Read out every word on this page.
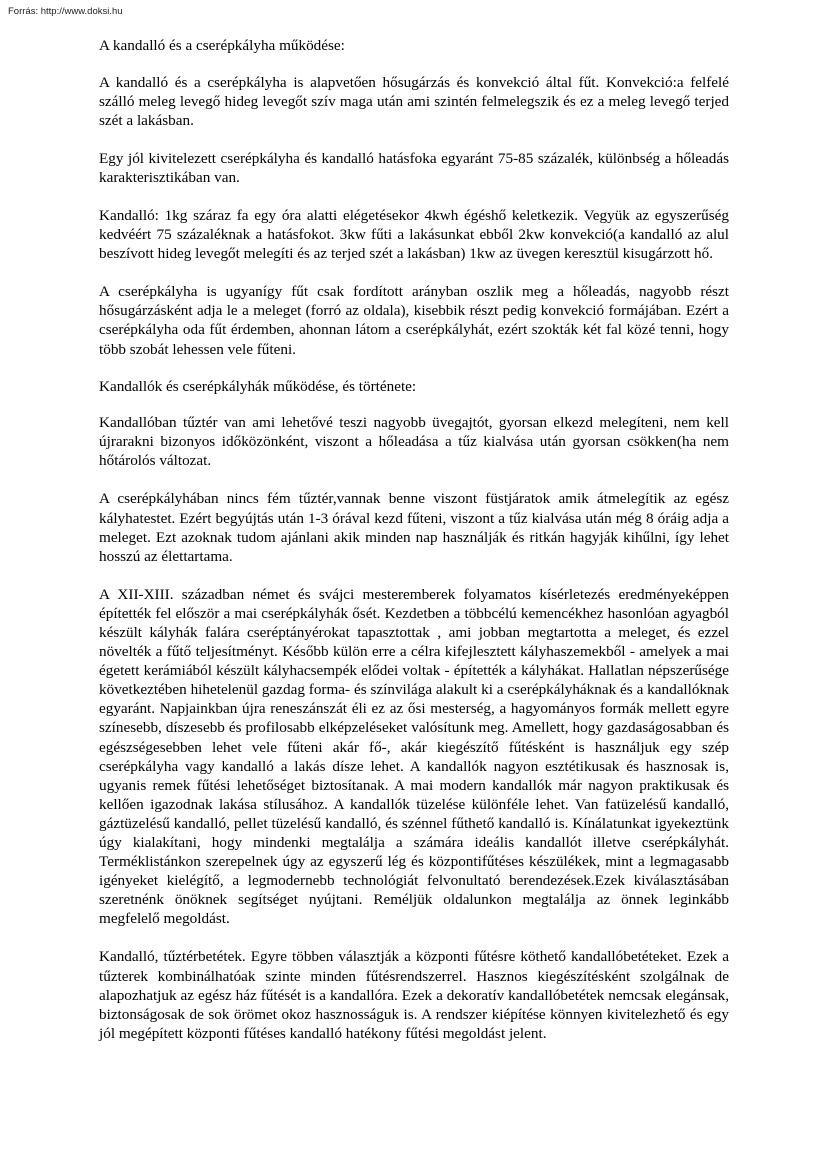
Forrás: http://www.doksi.hu
A kandalló és a cserépkályha működése:

A kandalló és a cserépkályha is alapvetően hősugárzás és konvekció által fűt. Konvekció:a felfelé szálló meleg levegő hideg levegőt szív maga után ami szintén felmelegszik és ez a meleg levegő terjed szét a lakásban.

Egy jól kivitelezett cserépkályha és kandalló hatásfoka egyaránt 75-85 százalék, különbség a hőleadás karakterisztikában van.

Kandalló: 1kg száraz fa egy óra alatti elégetésekor 4kwh égéshő keletkezik. Vegyük az egyszerűség kedvéért 75 százaléknak a hatásfokot. 3kw fűti a lakásunkat ebből 2kw konvekció(a kandalló az alul beszívott hideg levegőt melegíti és az terjed szét a lakásban) 1kw az üvegen keresztül kisugárzott hő.

A cserépkályha is ugyanígy fűt csak fordított arányban oszlik meg a hőleadás, nagyobb részt hősugárzásként adja le a meleget (forró az oldala), kisebbik részt pedig konvekció formájában. Ezért a cserépkályha oda fűt érdemben, ahonnan látom a cserépkályhát, ezért szokták két fal közé tenni, hogy több szobát lehessen vele fűteni.

Kandallók és cserépkályhák működése, és története:

Kandallóban tűztér van ami lehetővé teszi nagyobb üvegajtót, gyorsan elkezd melegíteni, nem kell újrarakni bizonyos időközönként, viszont a hőleadása a tűz kialvása után gyorsan csökken(ha nem hőtárolós változat.

A cserépkályhában nincs fém tűztér,vannak benne viszont füstjáratok amik átmelegítik az egész kályhatestet. Ezért begyújtás után 1-3 órával kezd fűteni, viszont a tűz kialvása után még 8 óráig adja a meleget. Ezt azoknak tudom ajánlani akik minden nap használják és ritkán hagyják kihűlni, így lehet hosszú az élettartama.

A XII-XIII. században német és svájci mesteremberek folyamatos kísérletezés eredményeképpen építették fel először a mai cserépkályhák ősét. Kezdetben a többcélú kemencékhez hasonlóan agyagból készült kályhák falára cseréptányérokat tapasztottak , ami jobban megtartotta a meleget, és ezzel növelték a fűtő teljesítményt. Később külön erre a célra kifejlesztett kályhaszemekből - amelyek a mai égetett kerámiából készült kályhacsempék elődei voltak - építették a kályhákat. Hallatlan népszerűsége következtében hihetelenül gazdag forma- és színvilága alakult ki a cserépkályháknak és a kandallóknak egyaránt. Napjainkban újra reneszánszát éli ez az ősi mesterség, a hagyományos formák mellett egyre színesebb, díszesebb és profilosabb elképzeléseket valósítunk meg. Amellett, hogy gazdaságosabban és egészségesebben lehet vele fűteni akár fő-, akár kiegészítő fűtésként is használjuk egy szép cserépkályha vagy kandalló a lakás dísze lehet. A kandallók nagyon esztétikusak és hasznosak is, ugyanis remek fűtési lehetőséget biztosítanak. A mai modern kandallók már nagyon praktikusak és kellően igazodnak lakása stílusához. A kandallók tüzelése különféle lehet. Van fatüzelésű kandalló, gáztüzelésű kandalló, pellet tüzelésű kandalló, és szénnel fűthető kandalló is. Kínálatunkat igyekeztünk úgy kialakítani, hogy mindenki megtalálja a számára ideális kandallót illetve cserépkályhát. Terméklistánkon szerepelnek úgy az egyszerű lég és központifűtéses készülékek, mint a legmagasabb igényeket kielégítő, a legmodernebb technológiát felvonultató berendezések.Ezek kiválasztásában szeretnénk önöknek segítséget nyújtani. Reméljük oldalunkon megtalálja az önnek leginkább megfelelő megoldást.

Kandalló, tűztérbetétek. Egyre többen választják a központi fűtésre köthető kandallóbetéteket. Ezek a tűzterek kombinálhatóak szinte minden fűtésrendszerrel. Hasznos kiegészítésként szolgálnak de alapozhatjuk az egész ház fűtését is a kandallóra. Ezek a dekoratív kandallóbetétek nemcsak elegánsak, biztonságosak de sok örömet okoz hasznosságuk is. A rendszer kiépítése könnyen kivitelezhető és egy jól megépített központi fűtéses kandalló hatékony fűtési megoldást jelent.
